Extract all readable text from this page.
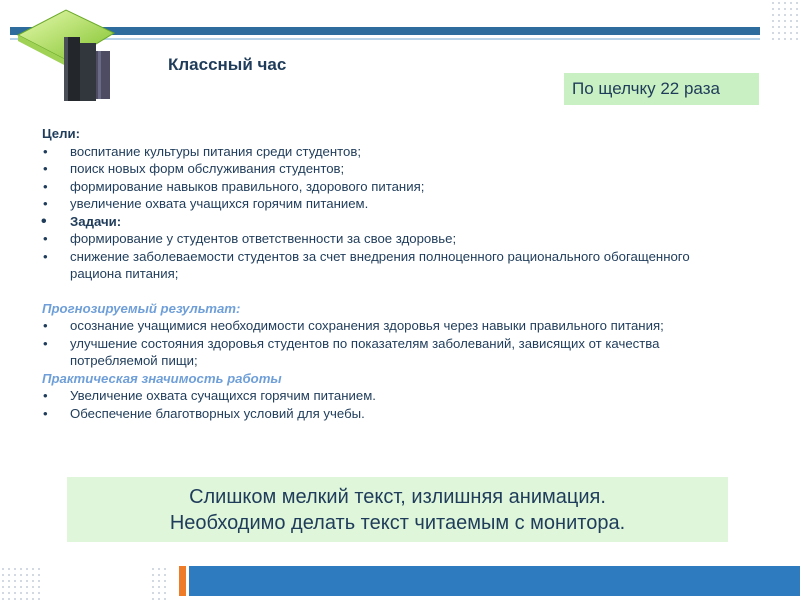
Классный час
По щелчку 22 раза
Цели:
• воспитание культуры питания среди студентов;
• поиск новых форм обслуживания студентов;
• формирование навыков правильного, здорового питания;
• увеличение охвата учащихся горячим питанием.
• Задачи:
• формирование у студентов ответственности за свое здоровье;
• снижение заболеваемости студентов за счет внедрения полноценного рационального обогащенного рациона питания;
Прогнозируемый результат:
• осознание учащимися необходимости сохранения здоровья через навыки правильного питания;
• улучшение состояния здоровья студентов по показателям заболеваний, зависящих от качества потребляемой пищи;
Практическая значимость работы
• Увеличение охвата сучащихся горячим питанием.
• Обеспечение благотворных условий для учебы.
Слишком мелкий текст, излишняя анимация.
Необходимо делать текст читаемым с монитора.
